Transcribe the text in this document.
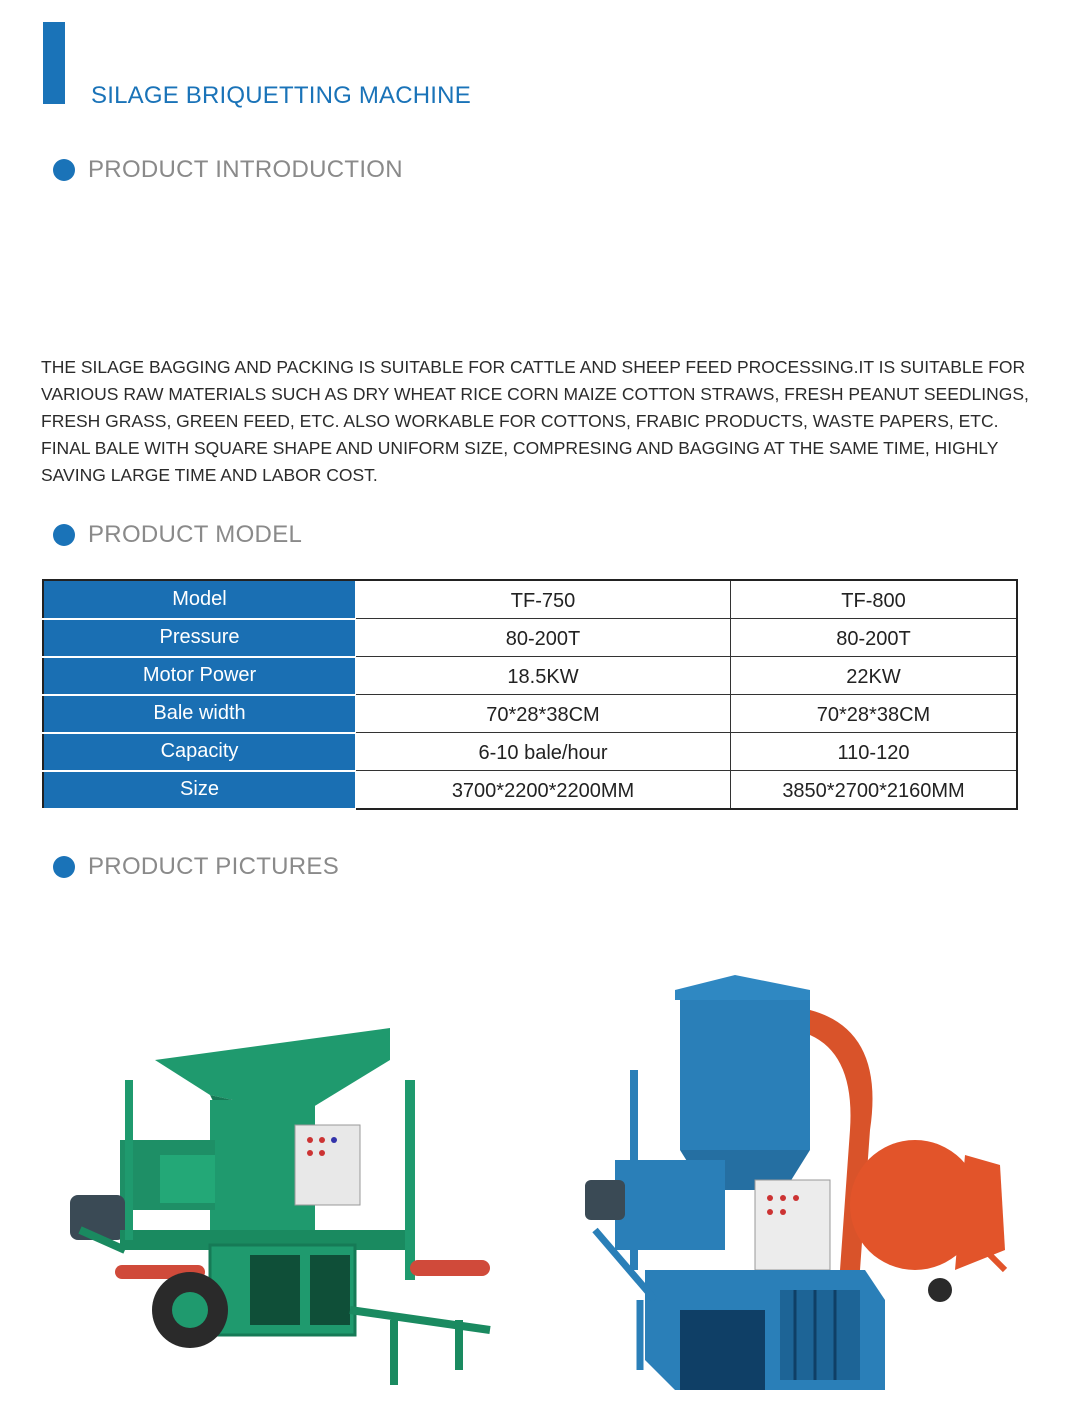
SILAGE BRIQUETTING MACHINE
PRODUCT INTRODUCTION
THE SILAGE BAGGING AND PACKING IS SUITABLE FOR CATTLE AND SHEEP FEED PROCESSING.IT IS SUITABLE FOR
VARIOUS RAW MATERIALS SUCH AS DRY WHEAT RICE CORN MAIZE COTTON STRAWS, FRESH PEANUT SEEDLINGS,
FRESH GRASS, GREEN FEED, ETC. ALSO WORKABLE FOR COTTONS, FRABIC PRODUCTS, WASTE PAPERS, ETC.
FINAL BALE WITH SQUARE SHAPE AND UNIFORM SIZE, COMPRESING AND BAGGING AT THE SAME TIME, HIGHLY
SAVING LARGE TIME AND LABOR COST.
PRODUCT MODEL
Model	TF-750	TF-800
Pressure	80-200T	80-200T
Motor Power	18.5KW	22KW
Bale width	70*28*38CM	70*28*38CM
Capacity	6-10 bale/hour	110-120
Size	3700*2200*2200MM	3850*2700*2160MM
PRODUCT PICTURES
